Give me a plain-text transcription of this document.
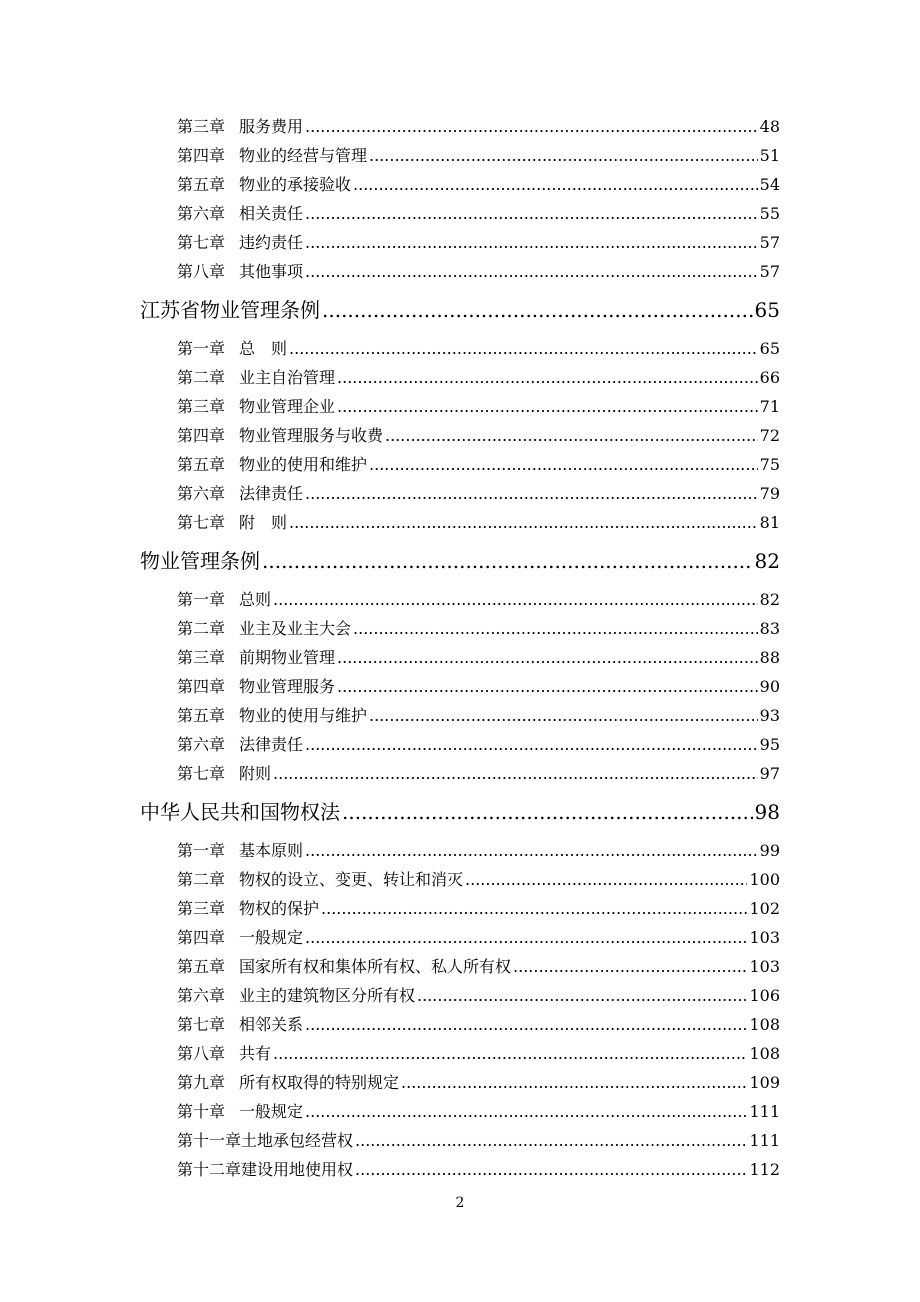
第三章 服务费用 .....	48
第四章 物业的经营与管理 .....	51
第五章 物业的承接验收 .....	54
第六章 相关责任 .....	55
第七章 违约责任 .....	57
第八章 其他事项 .....	57
江苏省物业管理条例 .....	65
第一章 总　则 .....	65
第二章 业主自治管理 .....	66
第三章 物业管理企业 .....	71
第四章 物业管理服务与收费 .....	72
第五章 物业的使用和维护 .....	75
第六章 法律责任 .....	79
第七章 附　则 .....	81
物业管理条例 .....	82
第一章 总则 .....	82
第二章 业主及业主大会 .....	83
第三章 前期物业管理 .....	88
第四章 物业管理服务 .....	90
第五章 物业的使用与维护 .....	93
第六章 法律责任 .....	95
第七章 附则 .....	97
中华人民共和国物权法 .....	98
第一章 基本原则 .....	99
第二章 物权的设立、变更、转让和消灭 .....	100
第三章 物权的保护 .....	102
第四章 一般规定 .....	103
第五章 国家所有权和集体所有权、私人所有权 .....	103
第六章 业主的建筑物区分所有权 .....	106
第七章 相邻关系 .....	108
第八章 共有 .....	108
第九章 所有权取得的特别规定 .....	109
第十章 一般规定 .....	111
第十一章土地承包经营权 .....	111
第十二章建设用地使用权 .....	112
2
